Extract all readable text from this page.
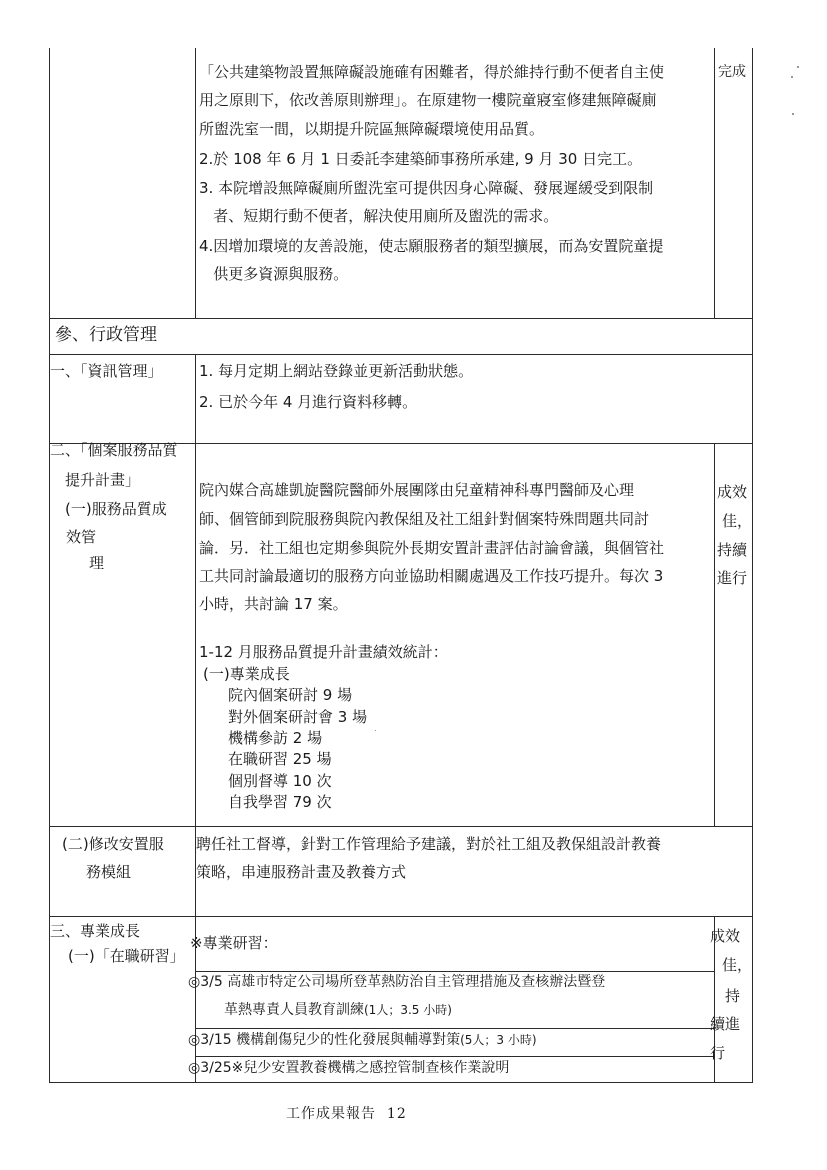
「公共建築物設置無障礙設施確有困難者，得於維持行動不便者自主使
用之原則下，依改善原則辦理」。在原建物一樓院童寢室修建無障礙廁
所盥洗室一間，以期提升院區無障礙環境使用品質。
2.於 108 年 6 月 1 日委託李建築師事務所承建, 9 月 30 日完工。
3. 本院增設無障礙廁所盥洗室可提供因身心障礙、發展遲緩受到限制
者、短期行動不便者，解決使用廁所及盥洗的需求。
4.因增加環境的友善設施，使志願服務者的類型擴展，而為安置院童提
供更多資源與服務。
完成
參、行政管理
一、「資訊管理」 1. 每月定期上網站登錄並更新活動狀態。
2. 已於今年 4 月進行資料移轉。
二、「個案服務品質
提升計畫」
(一)服務品質成
效管
理
院內媒合高雄凱旋醫院醫師外展團隊由兒童精神科專門醫師及心理
師、個管師到院服務與院內教保組及社工組針對個案特殊問題共同討
論．另．社工組也定期參與院外長期安置計畫評估討論會議，與個管社
工共同討論最適切的服務方向並協助相關處遇及工作技巧提升。每次 3
小時，共討論 17 案。
1-12 月服務品質提升計畫績效統計：
(一)專業成長
院內個案研討 9 場
對外個案研討會 3 場
機構參訪 2 場
在職研習 25 場
個別督導 10 次
自我學習 79 次
成效
佳，
持續
進行
(二)修改安置服
務模組
聘任社工督導，針對工作管理給予建議，對於社工組及教保組設計教養
策略，串連服務計畫及教養方式
三、專業成長
(一)「在職研習」
※專業研習：
◎3/5 高雄市特定公司場所登革熱防治自主管理措施及查核辦法暨登
革熱專責人員教育訓練(1人；3.5 小時)
◎3/15 機構創傷兒少的性化發展與輔導對策(5人；3 小時)
◎3/25※兒少安置教養機構之感控管制查核作業說明
成效
佳，
持
續進
行
工作成果報告 12
